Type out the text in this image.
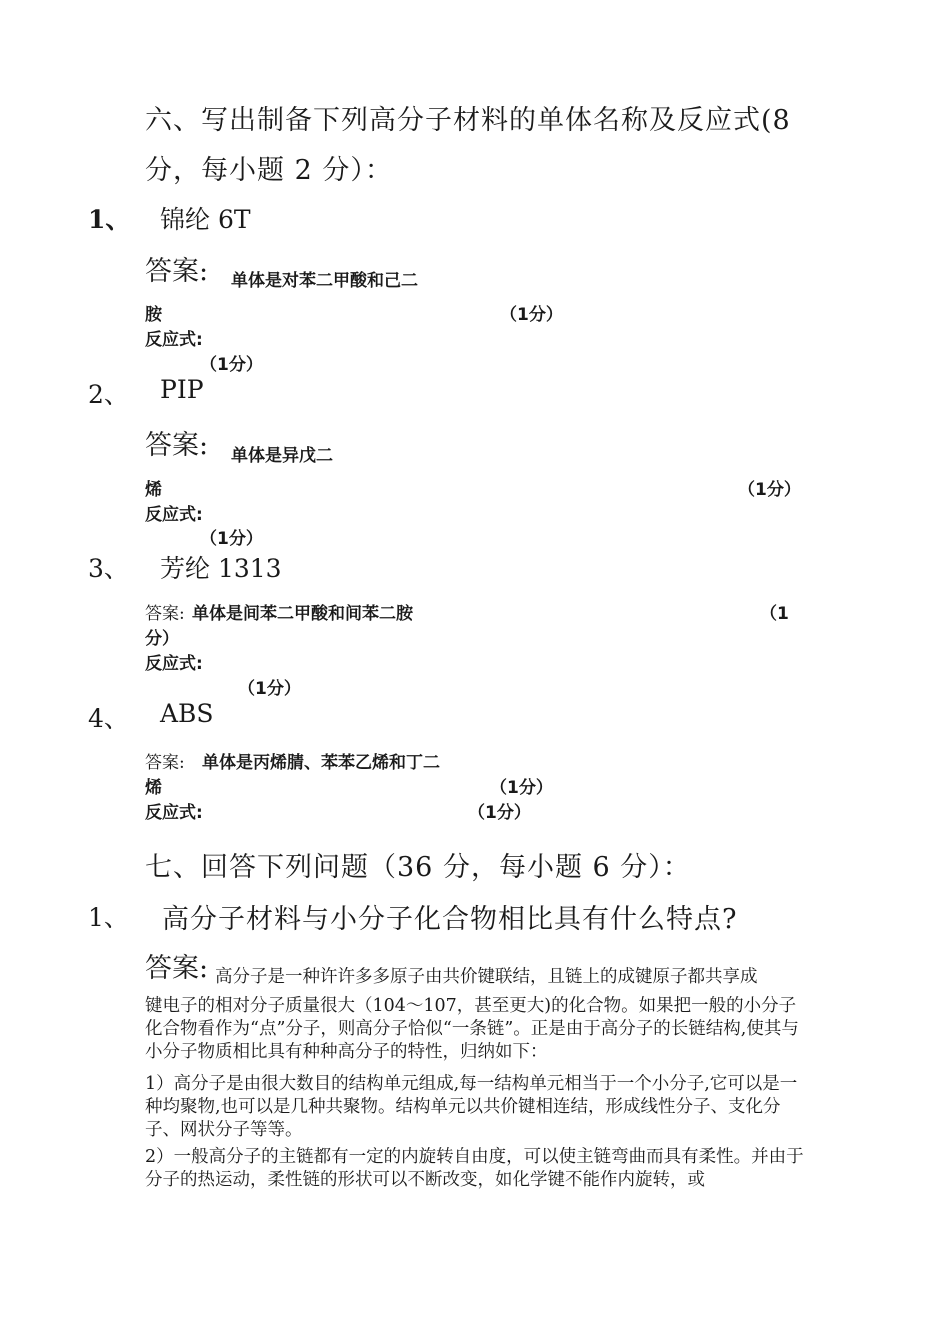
六、写出制备下列高分子材料的单体名称及反应式(8
分，每小题 2 分）：
1、 锦纶 6T
答案: 单体是对苯二甲酸和己二
胺	（1分）
反应式:
（1分）
2、 PIP
答案: 单体是异戊二
烯	（1分）
反应式:
（1分）
3、 芳纶 1313
答案: 单体是间苯二甲酸和间苯二胺	（1
分）
反应式:
（1分）
4、 ABS
答案: 单体是丙烯腈、苯苯乙烯和丁二
烯	（1分）
反应式:	（1分）
七、回答下列问题（36 分，每小题 6 分）：
1、 高分子材料与小分子化合物相比具有什么特点?
答案: 高分子是一种许许多多原子由共价键联结，且链上的成键原子都共享成
键电子的相对分子质量很大（104～107，甚至更大)的化合物。如果把一般的小分子化合物看作为“点”分子，则高分子恰似“一条链”。正是由于高分子的长链结构,使其与小分子物质相比具有种种高分子的特性，归纳如下：
1）高分子是由很大数目的结构单元组成,每一结构单元相当于一个小分子,它可以是一种均聚物,也可以是几种共聚物。结构单元以共价键相连结，形成线性分子、支化分子、网状分子等等。
2）一般高分子的主链都有一定的内旋转自由度，可以使主链弯曲而具有柔性。并由于分子的热运动，柔性链的形状可以不断改变，如化学键不能作内旋转，或
